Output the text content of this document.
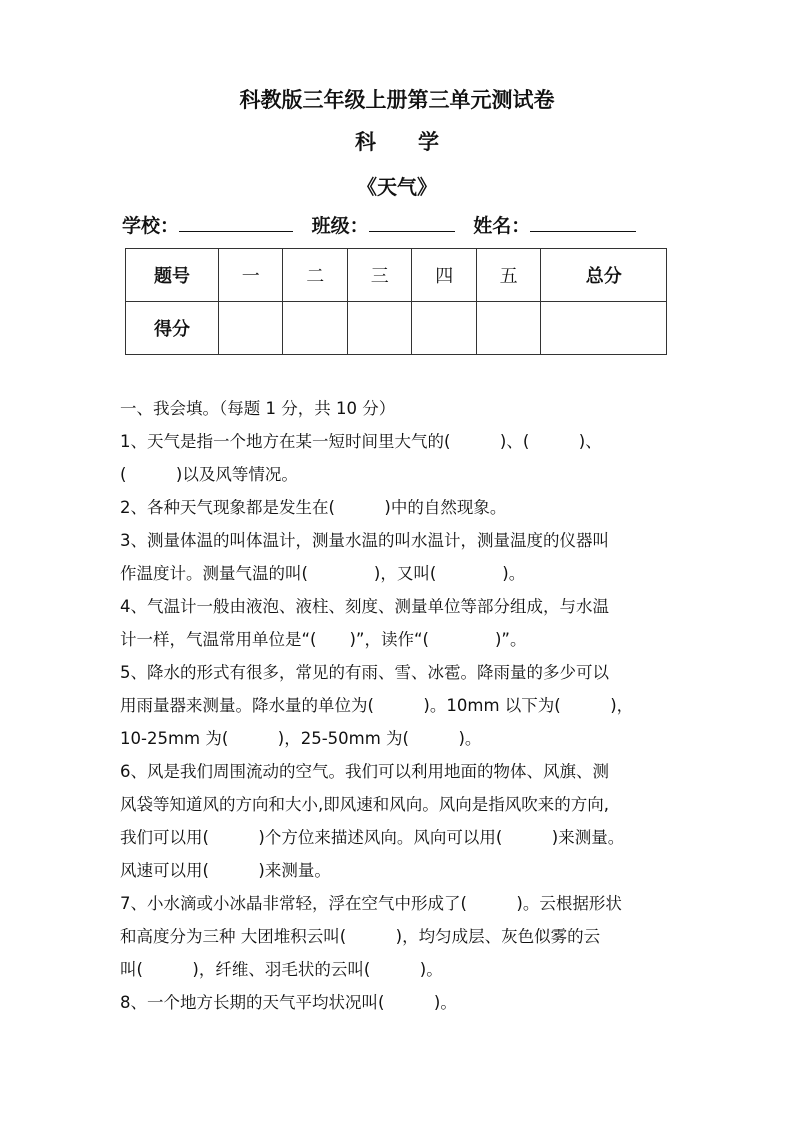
科教版三年级上册第三单元测试卷
科 学
《天气》
学校：	班级：	姓名：
题号	一	二	三	四	五	总分
得分						
一、我会填。（每题 1 分，共 10 分）
1、天气是指一个地方在某一短时间里大气的(　　　)、(　　　)、
(　　　)以及风等情况。
2、各种天气现象都是发生在(　　　)中的自然现象。
3、测量体温的叫体温计，测量水温的叫水温计，测量温度的仪器叫
作温度计。测量气温的叫(　　　　)，又叫(　　　　)。
4、气温计一般由液泡、液柱、刻度、测量单位等部分组成，与水温
计一样，气温常用单位是“(　　)”，读作“(　　　　)”。
5、降水的形式有很多，常见的有雨、雪、冰雹。降雨量的多少可以
用雨量器来测量。降水量的单位为(　　　)。10mm 以下为(　　　)，
10-25mm 为(　　　)，25-50mm 为(　　　)。
6、风是我们周围流动的空气。我们可以利用地面的物体、风旗、测
风袋等知道风的方向和大小,即风速和风向。风向是指风吹来的方向,
我们可以用(　　　)个方位来描述风向。风向可以用(　　　)来测量。
风速可以用(　　　)来测量。
7、小水滴或小冰晶非常轻，浮在空气中形成了(　　　)。云根据形状
和高度分为三种 大团堆积云叫(　　　)，均匀成层、灰色似雾的云
叫(　　　)，纤维、羽毛状的云叫(　　　)。
8、一个地方长期的天气平均状况叫(　　　)。
